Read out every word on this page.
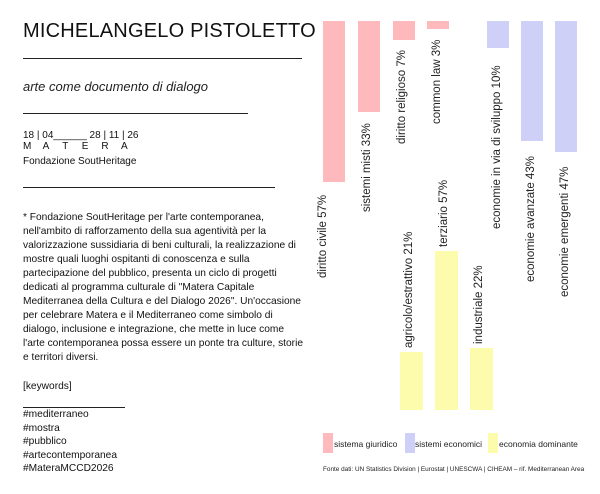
MICHELANGELO PISTOLETTO
arte come documento di dialogo
18 | 04______ 28 | 11 | 26
M A T E R A
Fondazione SoutHeritage
* Fondazione SoutHeritage per l'arte contemporanea, nell'ambito di rafforzamento della sua agentività per la valorizzazione sussidiaria di beni culturali, la realizzazione di mostre quali luoghi ospitanti di conoscenza e sulla partecipazione del pubblico, presenta un ciclo di progetti dedicati al programma culturale di "Matera Capitale Mediterranea della Cultura e del Dialogo 2026". Un'occasione per celebrare Matera e il Mediterraneo come simbolo di dialogo, inclusione e integrazione, che mette in luce come l'arte contemporanea possa essere un ponte tra culture, storie e territori diversi.
[keywords]
#mediterraneo
#mostra
#pubblico
#artecontemporanea
#MateraMCCD2026
diritto civile 57%
sistemi misti 33%
diritto religioso 7% common law 3%
agricolo/estrattivo 21%
terziario 57%
industriale 22%
economie in via di sviluppo 10% economie avanzate 43% economie emergenti 47%
sistema giuridico sistemi economici economia dominante
Fonte dati: UN Statistics Division | Eurostat | UNESCWA | CIHEAM – rif. Mediterranean Area
